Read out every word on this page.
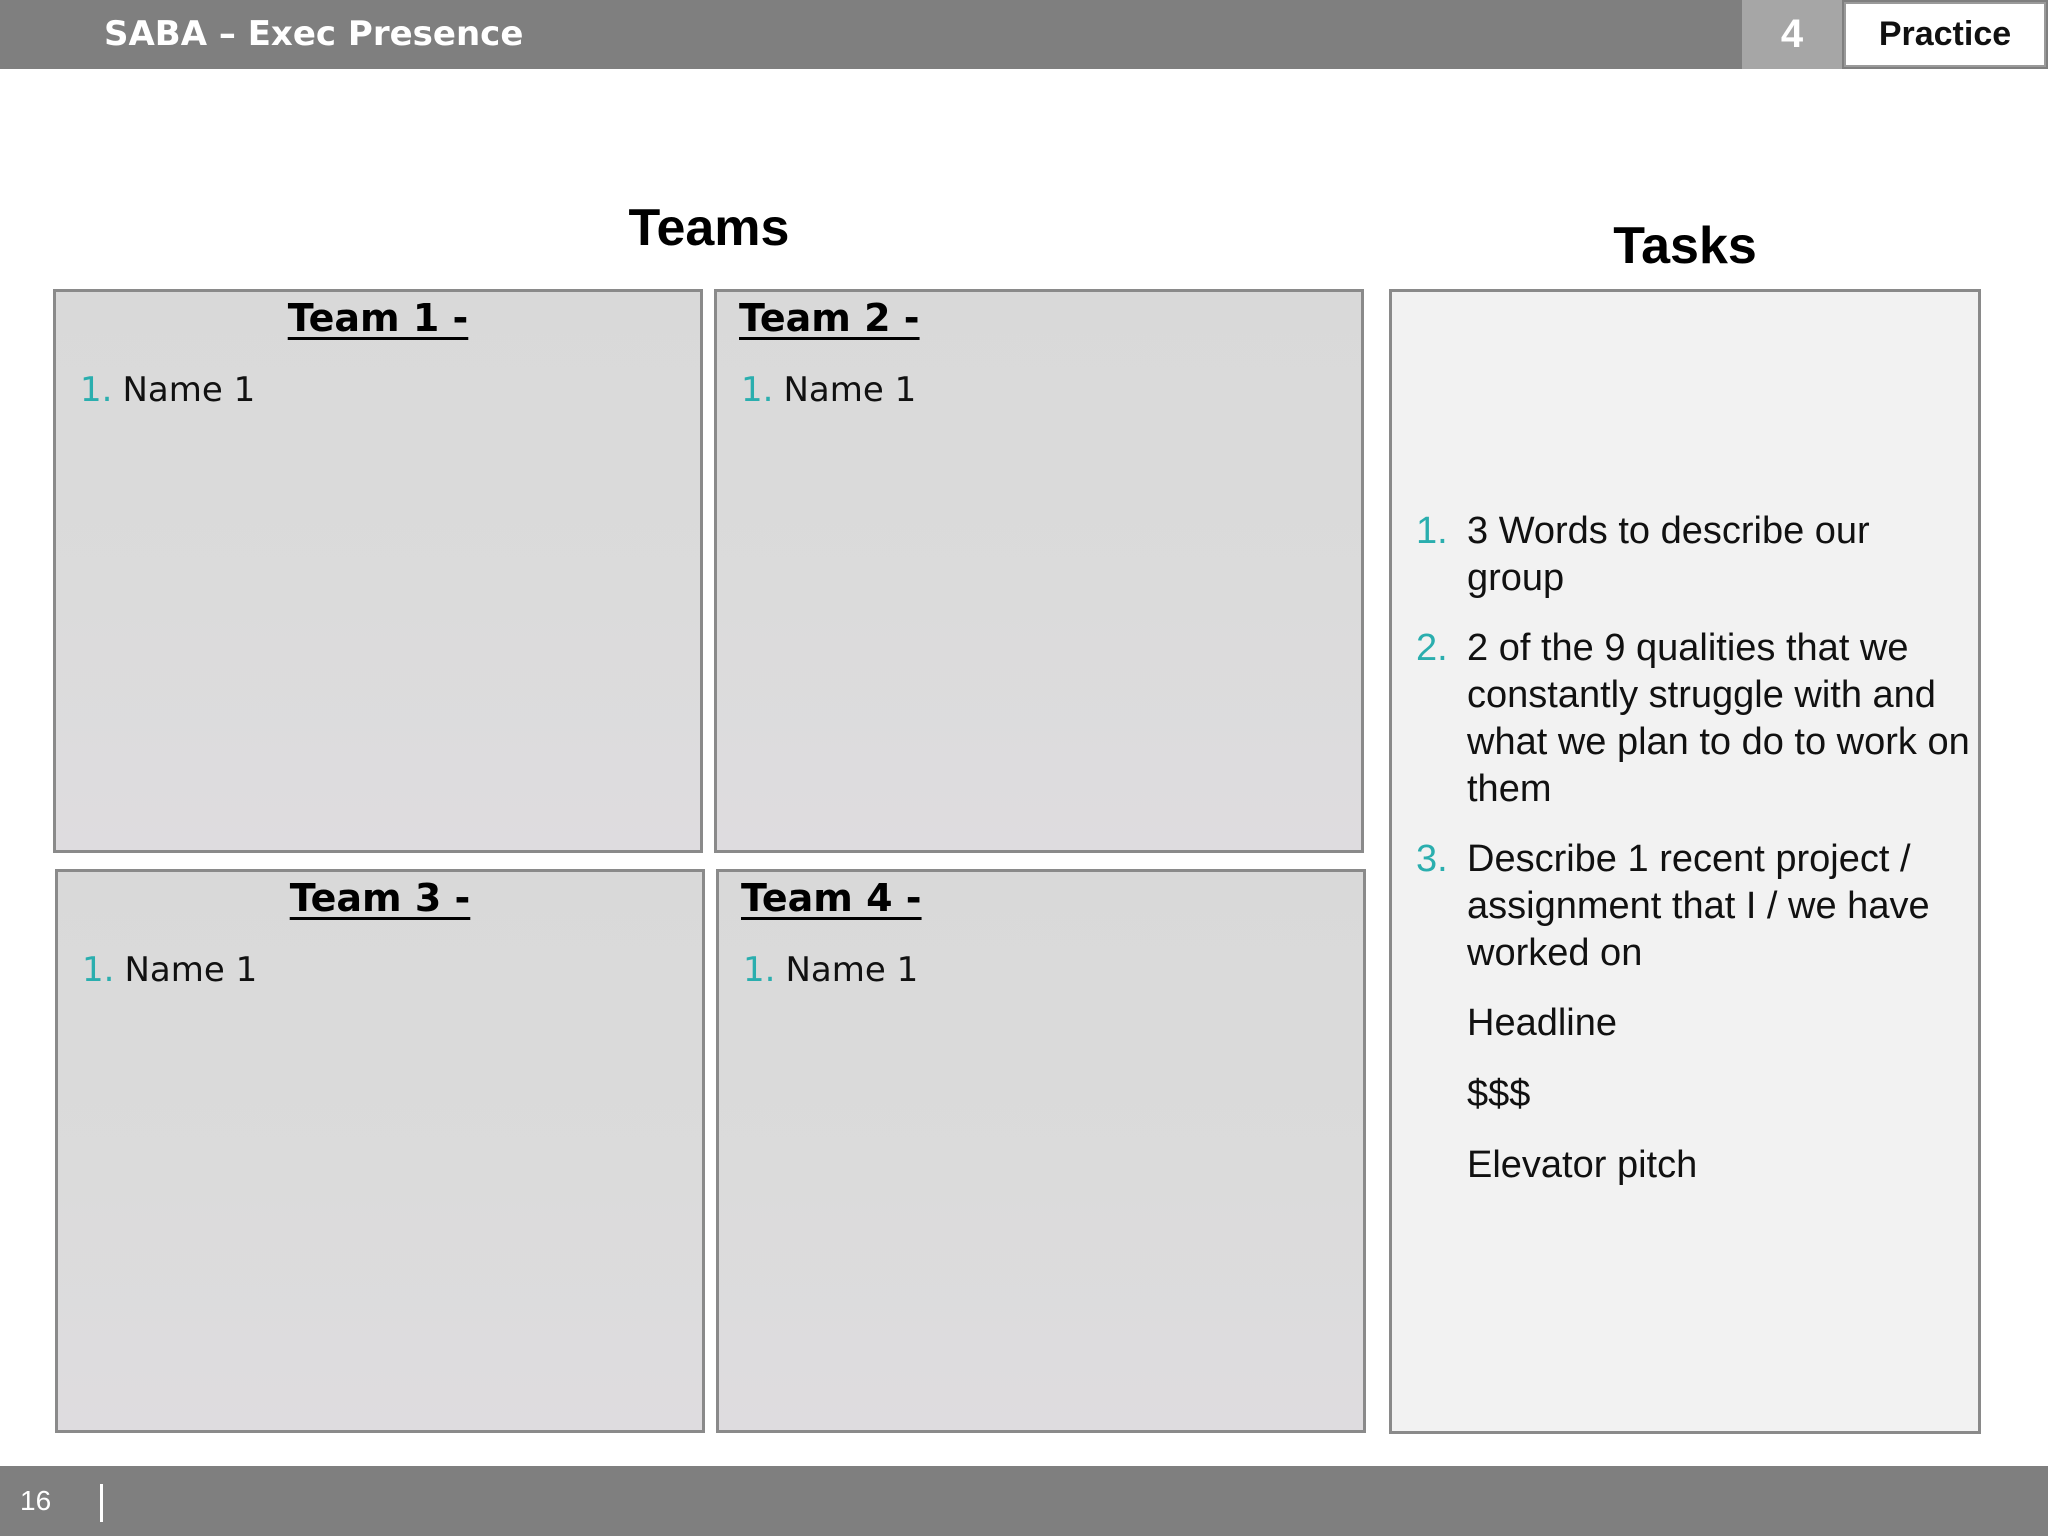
SABA – Exec Presence	4	Practice
Teams	Tasks
Team 1 -
1. Name 1
Team 2 -
1. Name 1
Team 3 -
1. Name 1
Team 4 -
1. Name 1
1. 3 Words to describe our group
2. 2 of the 9 qualities that we constantly struggle with and what we plan to do to work on them
3. Describe 1 recent project / assignment that I / we have worked on
Headline
$$$
Elevator pitch
16
